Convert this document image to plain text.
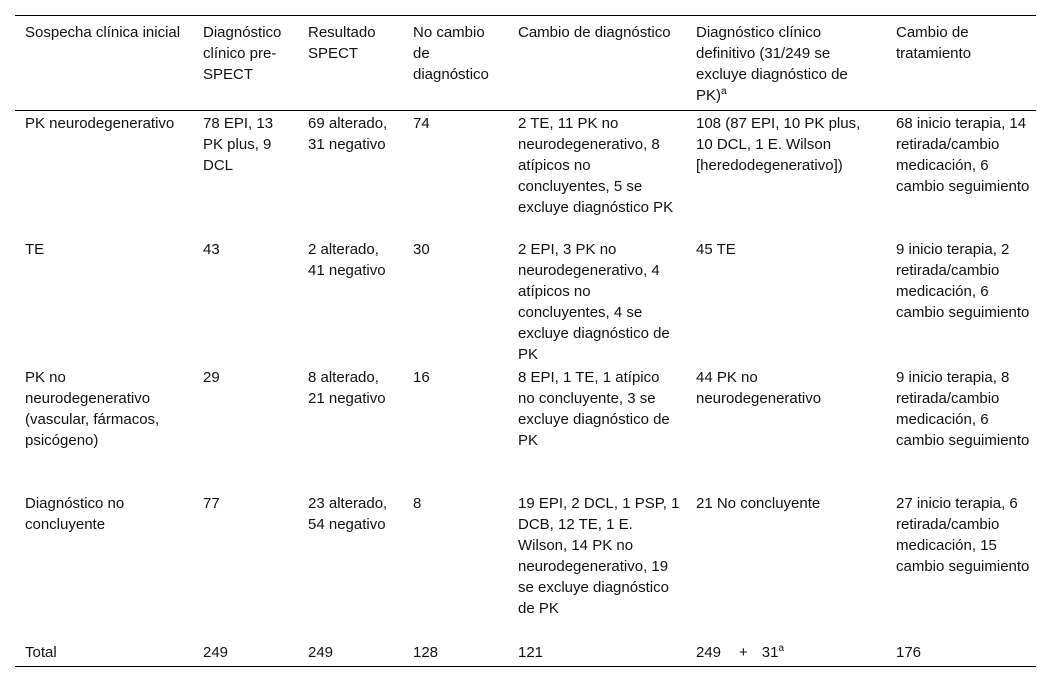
Sospecha clínica inicial	Diagnóstico clínico pre-SPECT	Resultado SPECT	No cambio de diagnóstico	Cambio de diagnóstico	Diagnóstico clínico definitivo (31/249 se excluye diagnóstico de PK)$^a$	Cambio de tratamiento
PK neurodegenerativo	78 EPI, 13 PK plus, 9 DCL	69 alterado, 31 negativo	74	2 TE, 11 PK no neurodegenerativo, 8 atípicos no concluyentes, 5 se excluye diagnóstico PK	108 (87 EPI, 10 PK plus, 10 DCL, 1 E. Wilson [heredodegenerativo])	68 inicio terapia, 14 retirada/cambio medicación, 6 cambio seguimiento
TE	43	2 alterado, 41 negativo	30	2 EPI, 3 PK no neurodegenerativo, 4 atípicos no concluyentes, 4 se excluye diagnóstico de PK	45 TE	9 inicio terapia, 2 retirada/cambio medicación, 6 cambio seguimiento
PK no neurodegenerativo (vascular, fármacos, psicógeno)	29	8 alterado, 21 negativo	16	8 EPI, 1 TE, 1 atípico no concluyente, 3 se excluye diagnóstico de PK	44 PK no neurodegenerativo	9 inicio terapia, 8 retirada/cambio medicación, 6 cambio seguimiento
Diagnóstico no concluyente	77	23 alterado, 54 negativo	8	19 EPI, 2 DCL, 1 PSP, 1 DCB, 12 TE, 1 E. Wilson, 14 PK no neurodegenerativo, 19 se excluye diagnóstico de PK	21 No concluyente	27 inicio terapia, 6 retirada/cambio medicación, 15 cambio seguimiento
Total	249	249	128	121	$249 + 31^a$	176
